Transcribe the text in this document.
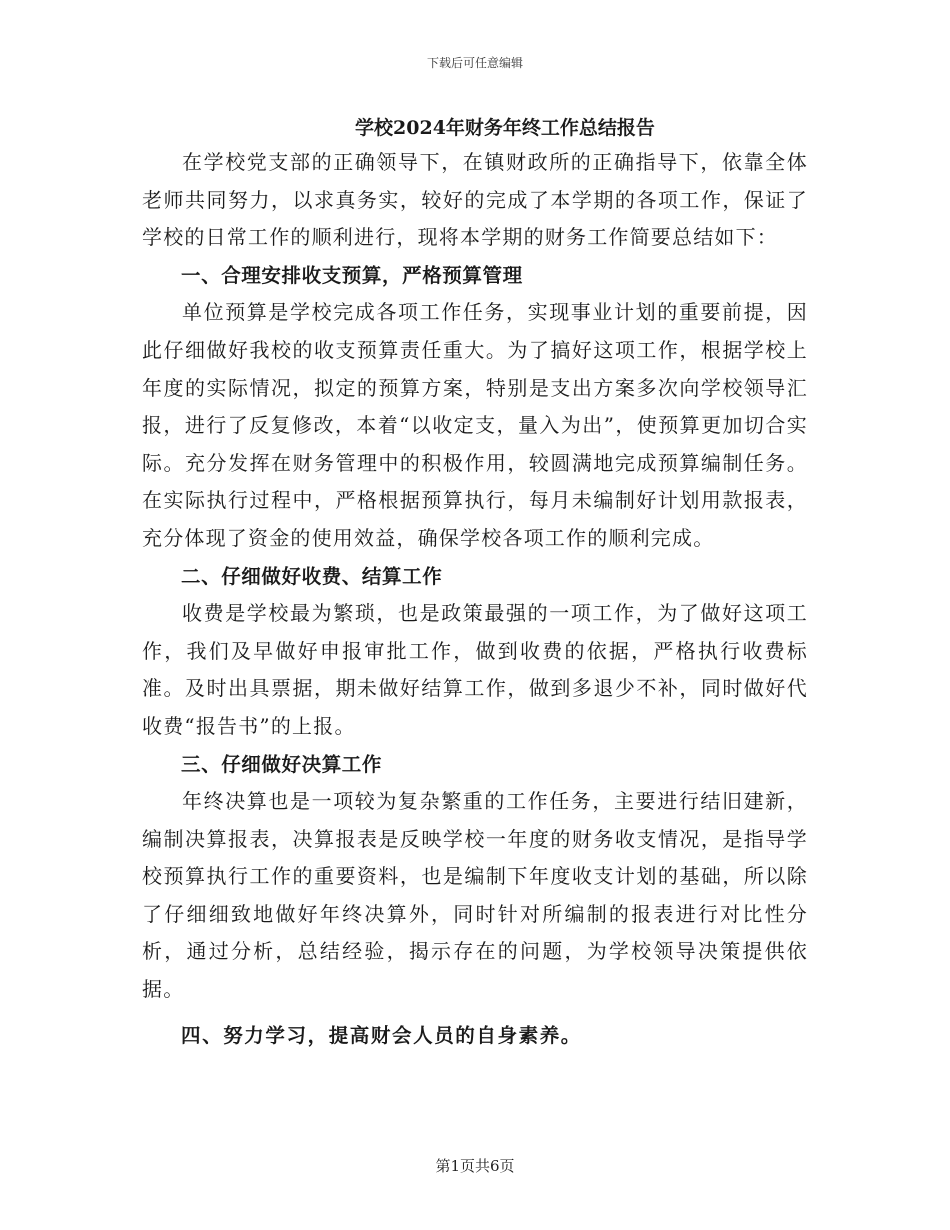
下载后可任意编辑
学校2024年财务年终工作总结报告

在学校党支部的正确领导下，在镇财政所的正确指导下，依靠全体老师共同努力，以求真务实，较好的完成了本学期的各项工作，保证了学校的日常工作的顺利进行，现将本学期的财务工作简要总结如下：

一、合理安排收支预算，严格预算管理

单位预算是学校完成各项工作任务，实现事业计划的重要前提，因此仔细做好我校的收支预算责任重大。为了搞好这项工作，根据学校上年度的实际情况，拟定的预算方案，特别是支出方案多次向学校领导汇报，进行了反复修改，本着“以收定支，量入为出”，使预算更加切合实际。充分发挥在财务管理中的积极作用，较圆满地完成预算编制任务。在实际执行过程中，严格根据预算执行，每月未编制好计划用款报表，充分体现了资金的使用效益，确保学校各项工作的顺利完成。

二、仔细做好收费、结算工作

收费是学校最为繁琐，也是政策最强的一项工作，为了做好这项工作，我们及早做好申报审批工作，做到收费的依据，严格执行收费标准。及时出具票据，期未做好结算工作，做到多退少不补，同时做好代收费“报告书”的上报。

三、仔细做好决算工作

年终决算也是一项较为复杂繁重的工作任务，主要进行结旧建新，编制决算报表，决算报表是反映学校一年度的财务收支情况，是指导学校预算执行工作的重要资料，也是编制下年度收支计划的基础，所以除了仔细细致地做好年终决算外，同时针对所编制的报表进行对比性分析，通过分析，总结经验，揭示存在的问题，为学校领导决策提供依据。

四、努力学习，提高财会人员的自身素养。
第1页共6页
